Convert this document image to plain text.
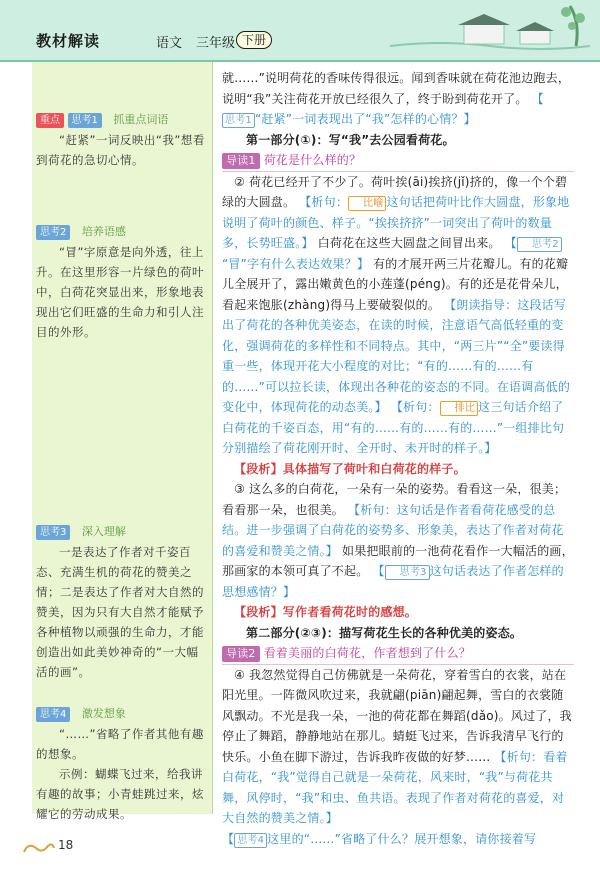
教材解读	语文 三年级 下册
重点 思考1 抓重点词语

“赶紧”一词反映出“我”想看到荷花的急切心情。

思考2 培养语感

“冒”字原意是向外透，往上升。在这里形容一片绿色的荷叶中，白荷花突显出来，形象地表现出它们旺盛的生命力和引人注目的外形。

思考3 深入理解

一是表达了作者对千姿百态、充满生机的荷花的赞美之情；二是表达了作者对大自然的赞美，因为只有大自然才能赋予各种植物以顽强的生命力，才能创造出如此美妙神奇的“一大幅活的画”。

思考4 激发想象

“……”省略了作者其他有趣的想象。

示例：蝴蝶飞过来，给我讲有趣的故事；小青蛙跳过来，炫耀它的劳动成果。

就……”说明荷花的香味传得很远。闻到香味就在荷花池边跑去，说明“我”关注荷花开放已经很久了，终于盼到荷花开了。 【思考1 “赶紧”一词表现出了“我”怎样的心情？】

第一部分(①)：写“我”去公园看荷花。

导读1 荷花是什么样的？

② 荷花已经开了不少了。荷叶挨(āi)挨挤(jǐ)挤的，像一个个碧绿的大圆盘。 【析句： 比喻 这句话把荷叶比作大圆盘，形象地说明了荷叶的颜色、样子。“挨挨挤挤”一词突出了荷叶的数量多，长势旺盛。】 白荷花在这些大圆盘之间冒出来。 【 思考2“冒”字有什么表达效果？】 有的才展开两三片花瓣儿。有的花瓣儿全展开了，露出嫩黄色的小莲蓬(péng)。有的还是花骨朵儿，看起来饱胀(zhàng)得马上要破裂似的。 【朗读指导：这段话写出了荷花的各种优美姿态，在读的时候，注意语气高低轻重的变化，强调荷花的多样性和不同特点。其中，“两三片”“全”要读得重一些，体现开花大小程度的对比；“有的……有的……有的……”可以拉长读，体现出各种花的姿态的不同。在语调高低的变化中，体现荷花的动态美。】 【析句： 排比 这三句话介绍了白荷花的千姿百态，用“有的……有的……有的……”一组排比句分别描绘了荷花刚开时、全开时、未开时的样子。】

【段析】具体描写了荷叶和白荷花的样子。

③ 这么多的白荷花，一朵有一朵的姿势。看看这一朵，很美；看看那一朵，也很美。 【析句：这句话是作者看荷花感受的总结。进一步强调了白荷花的姿势多、形象美，表达了作者对荷花的喜爱和赞美之情。】 如果把眼前的一池荷花看作一大幅活的画，那画家的本领可真了不起。 【 思考3 这句话表达了作者怎样的思想感情？】

【段析】写作者看荷花时的感想。

第二部分(②③)：描写荷花生长的各种优美的姿态。

导读2 看着美丽的白荷花，作者想到了什么？

④ 我忽然觉得自己仿佛就是一朵荷花，穿着雪白的衣裳，站在阳光里。一阵微风吹过来，我就翩(piān)翩起舞，雪白的衣裳随风飘动。不光是我一朵，一池的荷花都在舞蹈(dǎo)。风过了，我停止了舞蹈，静静地站在那儿。蜻蜓飞过来，告诉我清早飞行的快乐。小鱼在脚下游过，告诉我昨夜做的好梦…… 【析句：看着白荷花，“我”觉得自己就是一朵荷花，风来时，“我”与荷花共舞，风停时，“我”和虫、鱼共语。表现了作者对荷花的喜爱，对大自然的赞美之情。】

【 思考4 这里的“……”省略了什么？展开想象，请你接着写

18
